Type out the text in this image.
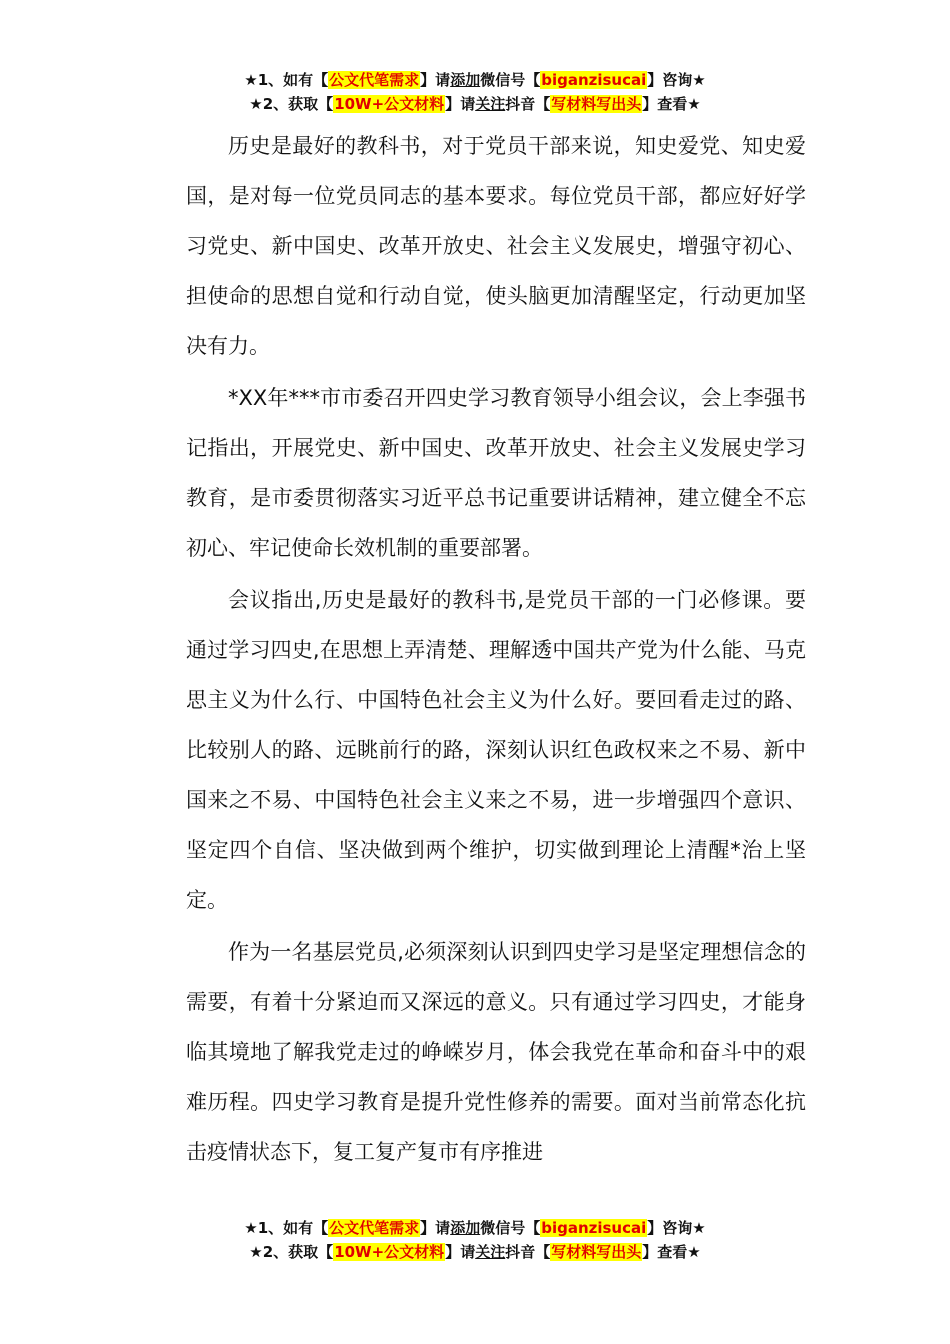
★1、如有【公文代笔需求】请添加微信号【biganzisucai】咨询★
★2、获取【10W+公文材料】请关注抖音【写材料写出头】查看★

历史是最好的教科书，对于党员干部来说，知史爱党、知史爱国，是对每一位党员同志的基本要求。每位党员干部，都应好好学习党史、新中国史、改革开放史、社会主义发展史，增强守初心、担使命的思想自觉和行动自觉，使头脑更加清醒坚定，行动更加坚决有力。

*XX年***市市委召开四史学习教育领导小组会议，会上李强书记指出，开展党史、新中国史、改革开放史、社会主义发展史学习教育，是市委贯彻落实习近平总书记重要讲话精神，建立健全不忘初心、牢记使命长效机制的重要部署。

会议指出,历史是最好的教科书,是党员干部的一门必修课。要通过学习四史,在思想上弄清楚、理解透中国共产党为什么能、马克思主义为什么行、中国特色社会主义为什么好。要回看走过的路、比较别人的路、远眺前行的路，深刻认识红色政权来之不易、新中国来之不易、中国特色社会主义来之不易，进一步增强四个意识、坚定四个自信、坚决做到两个维护，切实做到理论上清醒*治上坚定。

作为一名基层党员,必须深刻认识到四史学习是坚定理想信念的需要，有着十分紧迫而又深远的意义。只有通过学习四史，才能身临其境地了解我党走过的峥嵘岁月，体会我党在革命和奋斗中的艰难历程。四史学习教育是提升党性修养的需要。面对当前常态化抗击疫情状态下，复工复产复市有序推进

★1、如有【公文代笔需求】请添加微信号【biganzisucai】咨询★
★2、获取【10W+公文材料】请关注抖音【写材料写出头】查看★
